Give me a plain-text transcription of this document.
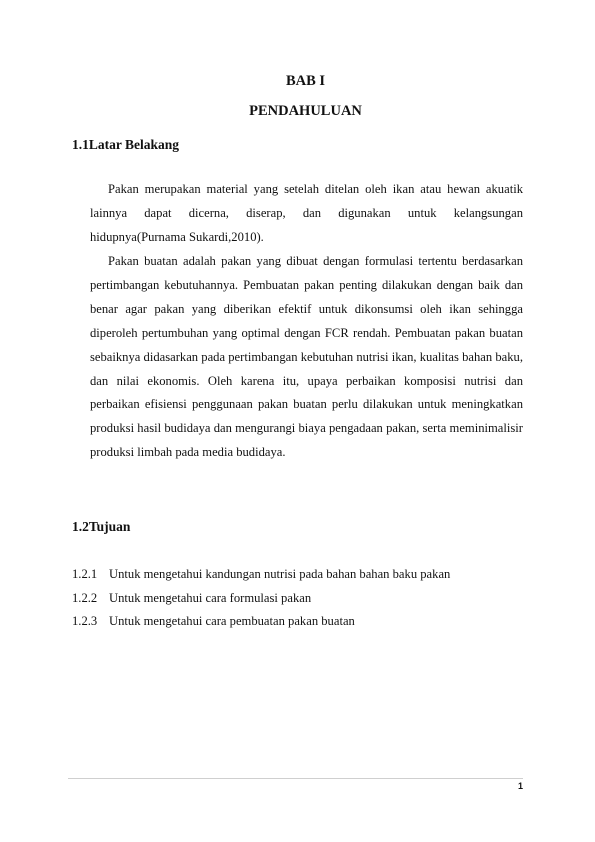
BAB I
PENDAHULUAN
1.1Latar Belakang

Pakan merupakan material yang setelah ditelan oleh ikan atau hewan akuatik lainnya dapat dicerna, diserap, dan digunakan untuk kelangsungan hidupnya(Purnama Sukardi,2010).

Pakan buatan adalah pakan yang dibuat dengan formulasi tertentu berdasarkan pertimbangan kebutuhannya. Pembuatan pakan penting dilakukan dengan baik dan benar agar pakan yang diberikan efektif untuk dikonsumsi oleh ikan sehingga diperoleh pertumbuhan yang optimal dengan FCR rendah. Pembuatan pakan buatan sebaiknya didasarkan pada pertimbangan kebutuhan nutrisi ikan, kualitas bahan baku, dan nilai ekonomis. Oleh karena itu, upaya perbaikan komposisi nutrisi dan perbaikan efisiensi penggunaan pakan buatan perlu dilakukan untuk meningkatkan produksi hasil budidaya dan mengurangi biaya pengadaan pakan, serta meminimalisir produksi limbah pada media budidaya.

1.2Tujuan
1.2.1 Untuk mengetahui kandungan nutrisi pada bahan bahan baku pakan
1.2.2 Untuk mengetahui cara formulasi pakan
1.2.3 Untuk mengetahui cara pembuatan pakan buatan
1
